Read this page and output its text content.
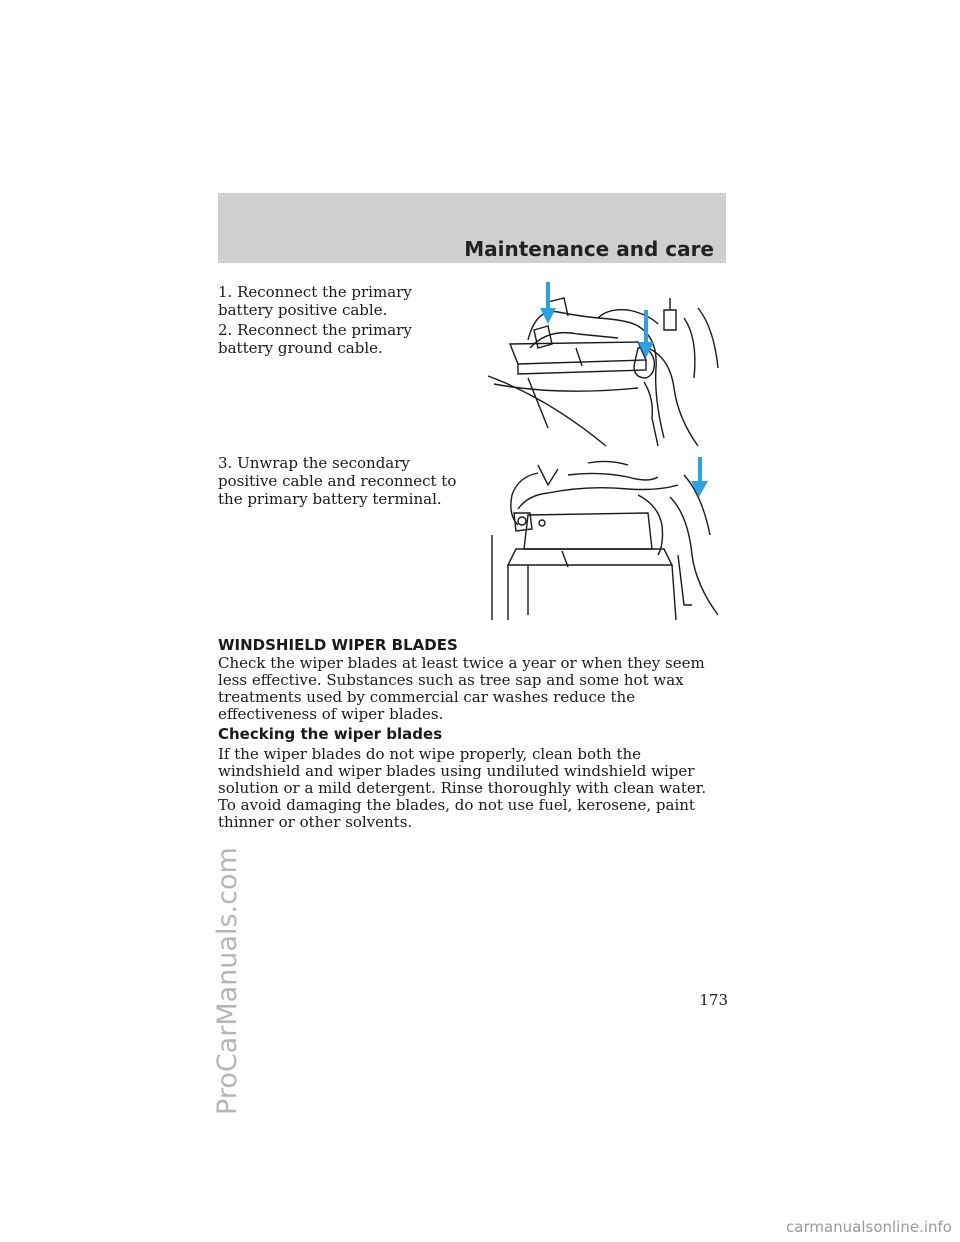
Maintenance and care

1. Reconnect the primary battery positive cable.

2. Reconnect the primary battery ground cable.

3. Unwrap the secondary positive cable and reconnect to the primary battery terminal.

WINDSHIELD WIPER BLADES

Check the wiper blades at least twice a year or when they seem less effective. Substances such as tree sap and some hot wax treatments used by commercial car washes reduce the effectiveness of wiper blades.

Checking the wiper blades

If the wiper blades do not wipe properly, clean both the windshield and wiper blades using undiluted windshield wiper solution or a mild detergent. Rinse thoroughly with clean water. To avoid damaging the blades, do not use fuel, kerosene, paint thinner or other solvents.

173

ProCarManuals.com
carmanualsonline.info
